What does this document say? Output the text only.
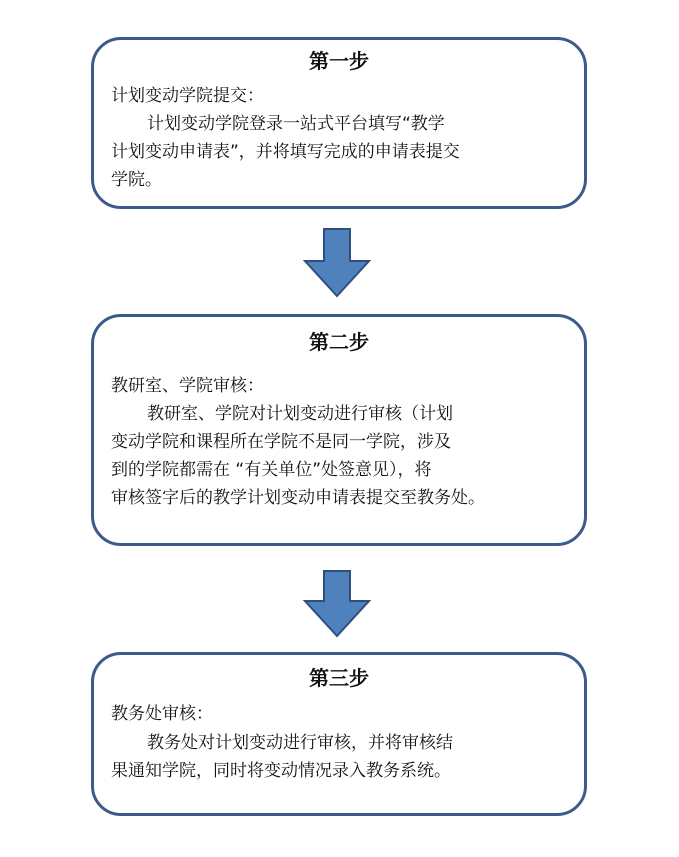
第一步
计划变动学院提交：
计划变动学院登录一站式平台填写“教学
计划变动申请表”，并将填写完成的申请表提交
学院。
第二步
教研室、学院审核：
教研室、学院对计划变动进行审核（计划
变动学院和课程所在学院不是同一学院，涉及
到的学院都需在 “有关单位”处签意见），将
审核签字后的教学计划变动申请表提交至教务处。
第三步
教务处审核：
教务处对计划变动进行审核，并将审核结
果通知学院，同时将变动情况录入教务系统。
